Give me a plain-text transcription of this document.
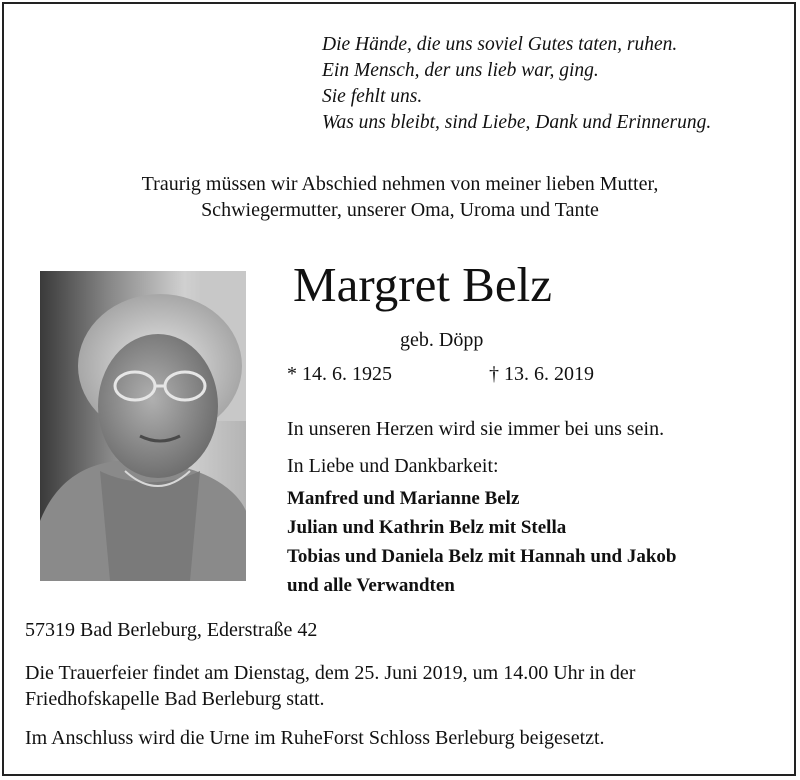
Die Hände, die uns soviel Gutes taten, ruhen.
Ein Mensch, der uns lieb war, ging.
Sie fehlt uns.
Was uns bleibt, sind Liebe, Dank und Erinnerung.
Traurig müssen wir Abschied nehmen von meiner lieben Mutter,
Schwiegermutter, unserer Oma, Uroma und Tante
Margret Belz
geb. Döpp
* 14. 6. 1925	† 13. 6. 2019
In unseren Herzen wird sie immer bei uns sein.
In Liebe und Dankbarkeit:
Manfred und Marianne Belz
Julian und Kathrin Belz mit Stella
Tobias und Daniela Belz mit Hannah und Jakob
und alle Verwandten
57319 Bad Berleburg, Ederstraße 42
Die Trauerfeier findet am Dienstag, dem 25. Juni 2019, um 14.00 Uhr in der Friedhofskapelle Bad Berleburg statt.
Im Anschluss wird die Urne im RuheForst Schloss Berleburg beigesetzt.
